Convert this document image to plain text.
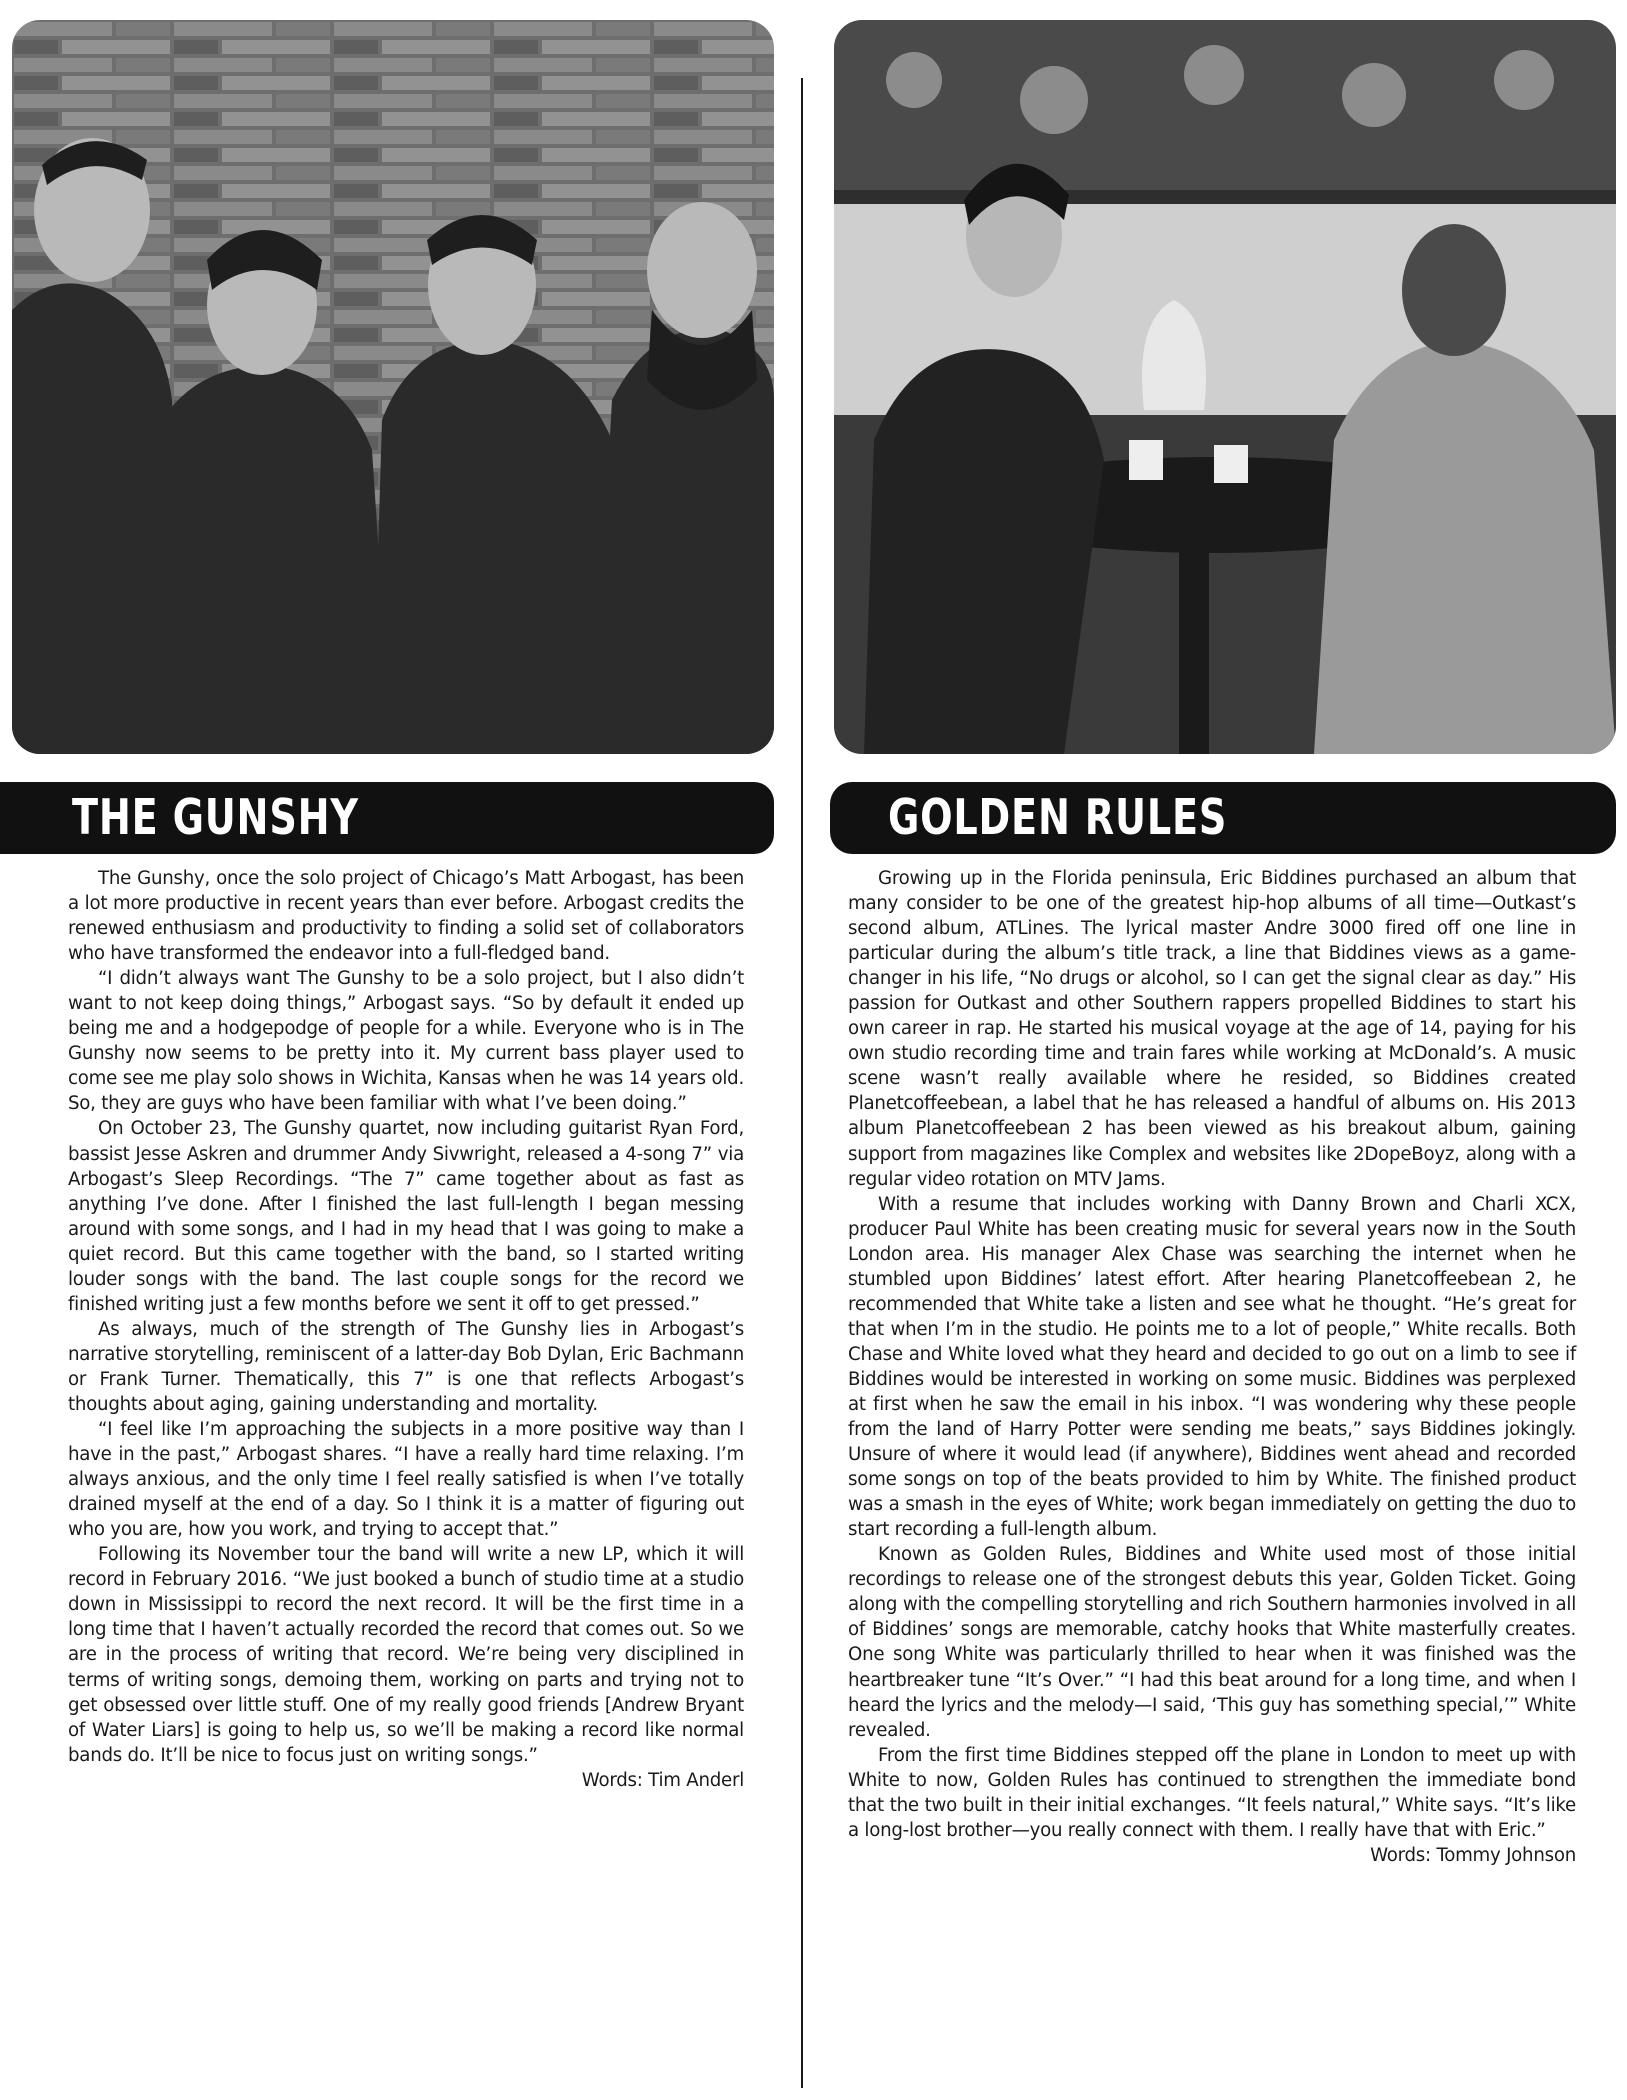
THE GUNSHY

The Gunshy, once the solo project of Chicago’s Matt Arbogast, has been a lot more productive in recent years than ever before. Arbogast credits the renewed enthusiasm and productivity to finding a solid set of collaborators who have transformed the endeavor into a full-fledged band.

“I didn’t always want The Gunshy to be a solo project, but I also didn’t want to not keep doing things,” Arbogast says. “So by default it ended up being me and a hodgepodge of people for a while. Everyone who is in The Gunshy now seems to be pretty into it. My current bass player used to come see me play solo shows in Wichita, Kansas when he was 14 years old. So, they are guys who have been familiar with what I’ve been doing.”

On October 23, The Gunshy quartet, now including guitarist Ryan Ford, bassist Jesse Askren and drummer Andy Sivwright, released a 4-song 7” via Arbogast’s Sleep Recordings. “The 7” came together about as fast as anything I’ve done. After I finished the last full-length I began messing around with some songs, and I had in my head that I was going to make a quiet record. But this came together with the band, so I started writing louder songs with the band. The last couple songs for the record we finished writing just a few months before we sent it off to get pressed.”

As always, much of the strength of The Gunshy lies in Arbogast’s narrative storytelling, reminiscent of a latter-day Bob Dylan, Eric Bachmann or Frank Turner. Thematically, this 7” is one that reflects Arbogast’s thoughts about aging, gaining understanding and mortality.

“I feel like I’m approaching the subjects in a more positive way than I have in the past,” Arbogast shares. “I have a really hard time relaxing. I’m always anxious, and the only time I feel really satisfied is when I’ve totally drained myself at the end of a day. So I think it is a matter of figuring out who you are, how you work, and trying to accept that.”

Following its November tour the band will write a new LP, which it will record in February 2016. “We just booked a bunch of studio time at a studio down in Mississippi to record the next record. It will be the first time in a long time that I haven’t actually recorded the record that comes out. So we are in the process of writing that record. We’re being very disciplined in terms of writing songs, demoing them, working on parts and trying not to get obsessed over little stuff. One of my really good friends [Andrew Bryant of Water Liars] is going to help us, so we’ll be making a record like normal bands do. It’ll be nice to focus just on writing songs.”

Words: Tim Anderl

GOLDEN RULES

Growing up in the Florida peninsula, Eric Biddines purchased an album that many consider to be one of the greatest hip-hop albums of all time—Outkast’s second album, ATLines. The lyrical master Andre 3000 fired off one line in particular during the album’s title track, a line that Biddines views as a game-changer in his life, “No drugs or alcohol, so I can get the signal clear as day.” His passion for Outkast and other Southern rappers propelled Biddines to start his own career in rap. He started his musical voyage at the age of 14, paying for his own studio recording time and train fares while working at McDonald’s. A music scene wasn’t really available where he resided, so Biddines created Planetcoffeebean, a label that he has released a handful of albums on. His 2013 album Planetcoffeebean 2 has been viewed as his breakout album, gaining support from magazines like Complex and websites like 2DopeBoyz, along with a regular video rotation on MTV Jams.

With a resume that includes working with Danny Brown and Charli XCX, producer Paul White has been creating music for several years now in the South London area. His manager Alex Chase was searching the internet when he stumbled upon Biddines’ latest effort. After hearing Planetcoffeebean 2, he recommended that White take a listen and see what he thought. “He’s great for that when I’m in the studio. He points me to a lot of people,” White recalls. Both Chase and White loved what they heard and decided to go out on a limb to see if Biddines would be interested in working on some music. Biddines was perplexed at first when he saw the email in his inbox. “I was wondering why these people from the land of Harry Potter were sending me beats,” says Biddines jokingly. Unsure of where it would lead (if anywhere), Biddines went ahead and recorded some songs on top of the beats provided to him by White. The finished product was a smash in the eyes of White; work began immediately on getting the duo to start recording a full-length album.

Known as Golden Rules, Biddines and White used most of those initial recordings to release one of the strongest debuts this year, Golden Ticket. Going along with the compelling storytelling and rich Southern harmonies involved in all of Biddines’ songs are memorable, catchy hooks that White masterfully creates. One song White was particularly thrilled to hear when it was finished was the heartbreaker tune “It’s Over.” “I had this beat around for a long time, and when I heard the lyrics and the melody—I said, ‘This guy has something special,’” White revealed.

From the first time Biddines stepped off the plane in London to meet up with White to now, Golden Rules has continued to strengthen the immediate bond that the two built in their initial exchanges. “It feels natural,” White says. “It’s like a long-lost brother—you really connect with them. I really have that with Eric.”

Words: Tommy Johnson
